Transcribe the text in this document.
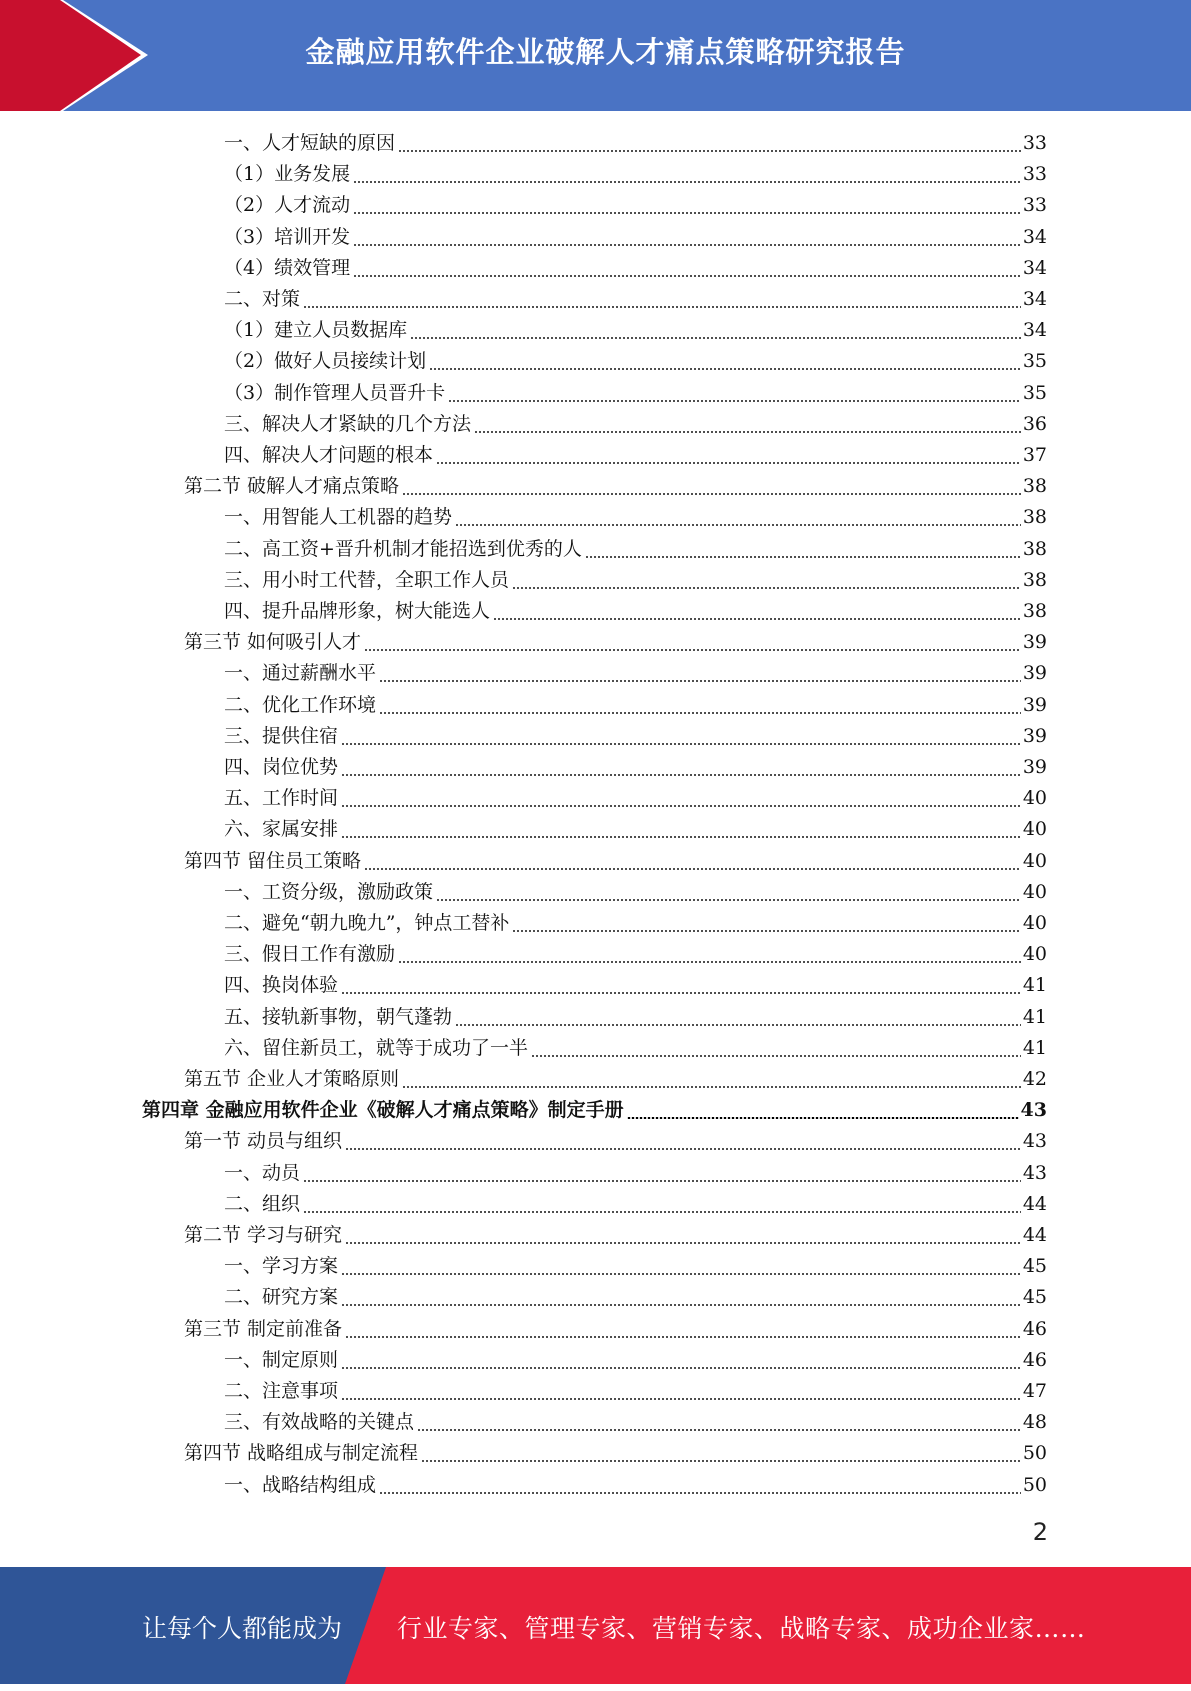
金融应用软件企业破解人才痛点策略研究报告
一、人才短缺的原因	33
（1）业务发展	33
（2）人才流动	33
（3）培训开发	34
（4）绩效管理	34
二、对策	34
（1）建立人员数据库	34
（2）做好人员接续计划	35
（3）制作管理人员晋升卡	35
三、解决人才紧缺的几个方法	36
四、解决人才问题的根本	37
第二节 破解人才痛点策略	38
一、用智能人工机器的趋势	38
二、高工资+晋升机制才能招选到优秀的人	38
三、用小时工代替，全职工作人员	38
四、提升品牌形象，树大能选人	38
第三节 如何吸引人才	39
一、通过薪酬水平	39
二、优化工作环境	39
三、提供住宿	39
四、岗位优势	39
五、工作时间	40
六、家属安排	40
第四节 留住员工策略	40
一、工资分级，激励政策	40
二、避免“朝九晚九”，钟点工替补	40
三、假日工作有激励	40
四、换岗体验	41
五、接轨新事物，朝气蓬勃	41
六、留住新员工，就等于成功了一半	41
第五节 企业人才策略原则	42
第四章 金融应用软件企业《破解人才痛点策略》制定手册	43
第一节 动员与组织	43
一、动员	43
二、组织	44
第二节 学习与研究	44
一、学习方案	45
二、研究方案	45
第三节 制定前准备	46
一、制定原则	46
二、注意事项	47
三、有效战略的关键点	48
第四节 战略组成与制定流程	50
一、战略结构组成	50
2
让每个人都能成为 行业专家、管理专家、营销专家、战略专家、成功企业家……
